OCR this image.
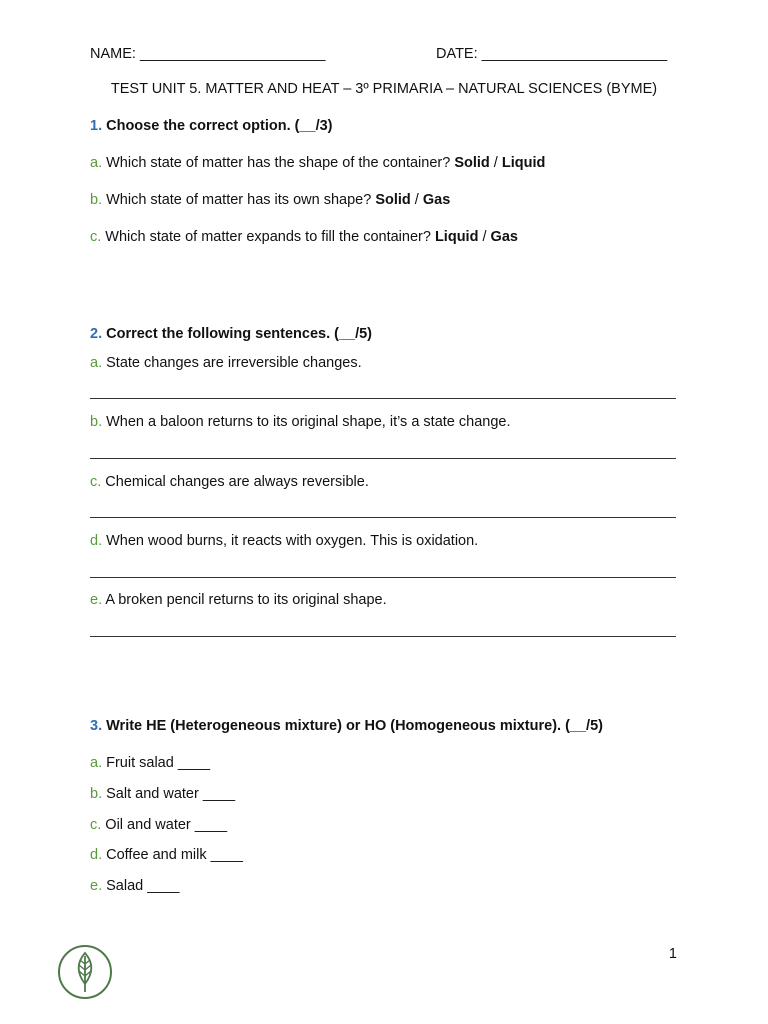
NAME: _______________________	DATE: _______________________
TEST UNIT 5. MATTER AND HEAT – 3º PRIMARIA – NATURAL SCIENCES (BYME)
1. Choose the correct option. (__/3)
a. Which state of matter has the shape of the container? Solid / Liquid
b. Which state of matter has its own shape? Solid / Gas
c. Which state of matter expands to fill the container? Liquid / Gas
2. Correct the following sentences. (__/5)
a. State changes are irreversible changes.
b. When a baloon returns to its original shape, it’s a state change.
c. Chemical changes are always reversible.
d. When wood burns, it reacts with oxygen. This is oxidation.
e. A broken pencil returns to its original shape.
3. Write HE (Heterogeneous mixture) or HO (Homogeneous mixture). (__/5)
a. Fruit salad ____
b. Salt and water ____
c. Oil and water ____
d. Coffee and milk ____
e. Salad ____
1
